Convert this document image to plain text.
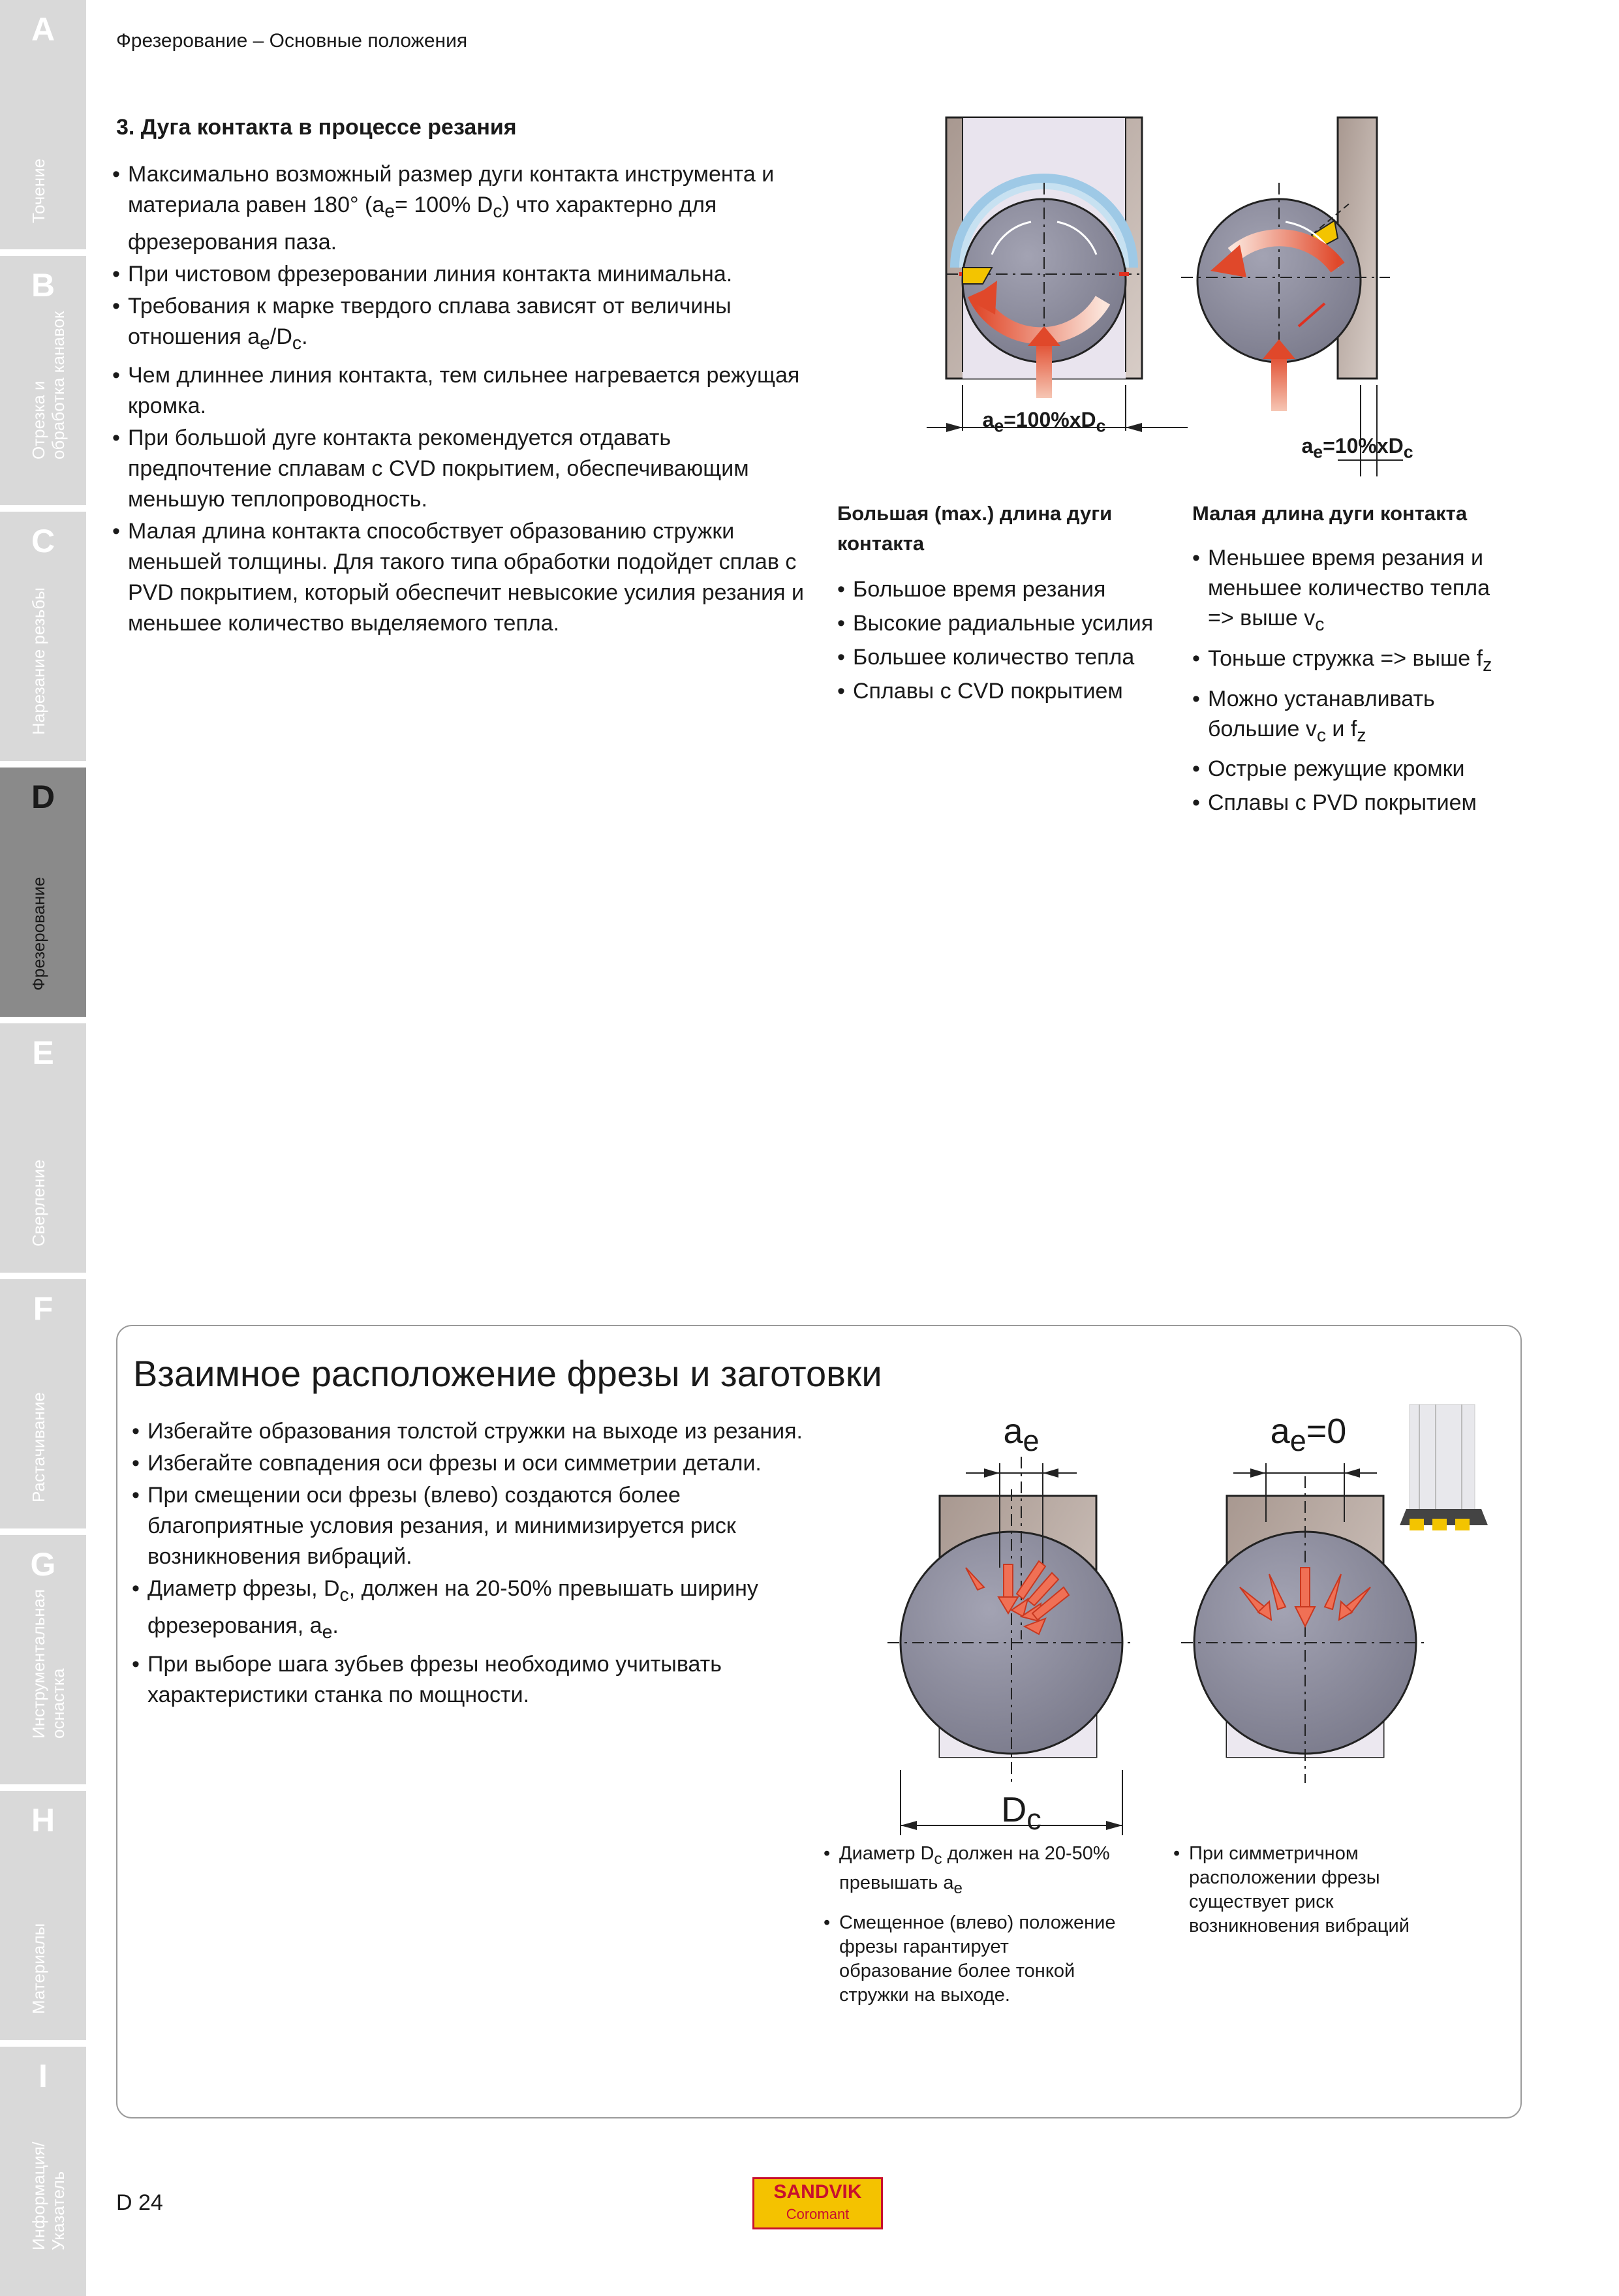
A
Точение
B
Отрезка и
обработка канавок
C
Нарезание резьбы
D
Фрезерование
E
Сверление
F
Растачивание
G
Инструментальная
оснастка
H
Материалы
I
Информация/
Указатель
Фрезерование – Основные положения
3. Дуга контакта в процессе резания
• Максимально возможный размер дуги контакта инструмента и материала равен 180° ($a_e= 100\%$ $D_c$) что характерно для фрезерования паза.
• При чистовом фрезеровании линия контакта минимальна.
• Требования к марке твердого сплава зависят от величины отношения $a_e/D_c$.
• Чем длиннее линия контакта, тем сильнее нагревается режущая кромка.
• При большой дуге контакта рекомендуется отдавать предпочтение сплавам с CVD покрытием, обеспечивающим меньшую теплопроводность.
• Малая длина контакта способствует образованию стружки меньшей толщины. Для такого типа обработки подойдет сплав с PVD покрытием, который обеспечит невысокие усилия резания и меньшее количество выделяемого тепла.
$a_e=100\%xD_c$
$a_e=10\%xD_c$
Большая (max.) длина дуги контакта
• Большое время резания
• Высокие радиальные усилия
• Большее количество тепла
• Сплавы с CVD покрытием
Малая длина дуги контакта
• Меньшее время резания и меньшее количество тепла => выше $v_c$
• Тоньше стружка => выше $f_z$
• Можно устанавливать большие $v_c$ и $f_z$
• Острые режущие кромки
• Сплавы с PVD покрытием
Взаимное расположение фрезы и заготовки
• Избегайте образования толстой стружки на выходе из резания.
• Избегайте совпадения оси фрезы и оси симметрии детали.
• При смещении оси фрезы (влево) создаются более благоприятные условия резания, и минимизируется риск возникновения вибраций.
• Диаметр фрезы, $D_c$, должен на 20-50% превышать ширину фрезерования, $a_e$.
• При выборе шага зубьев фрезы необходимо учитывать характеристики станка по мощности.
$a_e$
$D_c$
$a_e=0$
• Диаметр $D_c$ должен на 20-50% превышать $a_e$
• Смещенное (влево) положение фрезы гарантирует образование более тонкой стружки на выходе.
• При симметричном расположении фрезы существует риск возникновения вибраций
D 24	SANDVIK
Coromant
